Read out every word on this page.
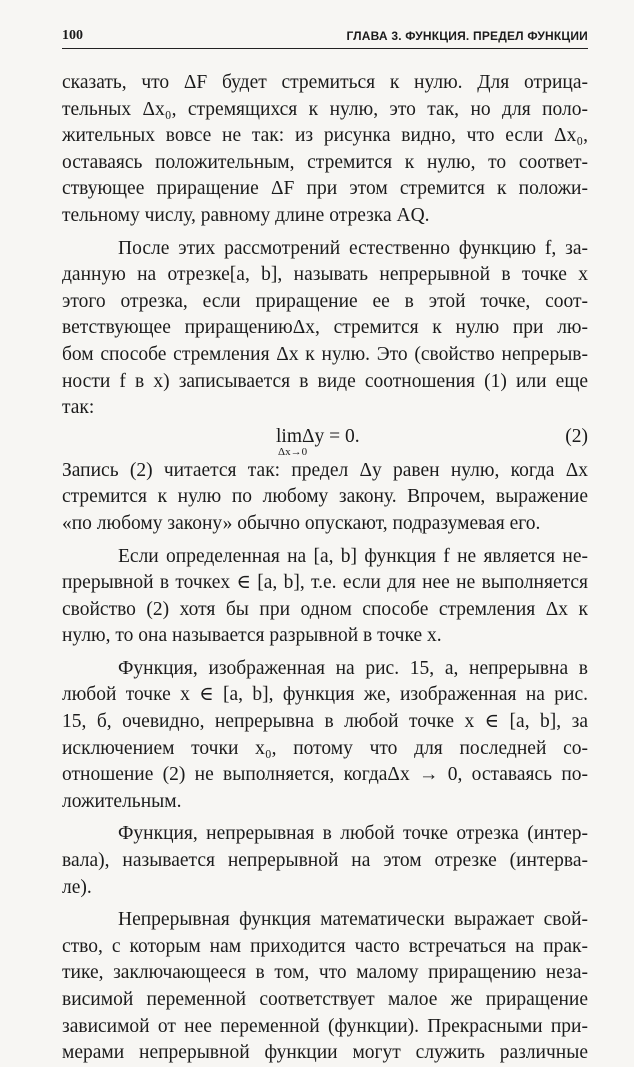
100	ГЛАВА 3. ФУНКЦИЯ. ПРЕДЕЛ ФУНКЦИИ
сказать, что ΔF будет стремиться к нулю. Для отрица-
тельных Δx₀, стремящихся к нулю, это так, но для поло-
жительных вовсе не так: из рисунка видно, что если Δx₀,
оставаясь положительным, стремится к нулю, то соответ-
ствующее приращение ΔF при этом стремится к положи-
тельному числу, равному длине отрезка AQ.
После этих рассмотрений естественно функцию f, за-
данную на отрезке[a, b], называть непрерывной в точке x
этого отрезка, если приращение ее в этой точке, соот-
ветствующее приращениюΔx, стремится к нулю при лю-
бом способе стремления Δx к нулю. Это (свойство непрерыв-
ности f в x) записывается в виде соотношения (1) или еще
так:
limΔy = 0.
Δx→0
(2)
Запись (2) читается так: предел Δy равен нулю, когда Δx
стремится к нулю по любому закону. Впрочем, выражение
«по любому закону» обычно опускают, подразумевая его.
Если определенная на [a, b] функция f не является не-
прерывной в точкеx ∈ [a, b], т.е. если для нее не выполняется
свойство (2) хотя бы при одном способе стремления Δx к
нулю, то она называется разрывной в точке x.
Функция, изображенная на рис. 15, а, непрерывна в
любой точке x ∈ [a, b], функция же, изображенная на рис.
15, б, очевидно, непрерывна в любой точке x ∈ [a, b], за
исключением точки x₀, потому что для последней со-
отношение (2) не выполняется, когдаΔx → 0, оставаясь по-
ложительным.
Функция, непрерывная в любой точке отрезка (интер-
вала), называется непрерывной на этом отрезке (интерва-
ле).
Непрерывная функция математически выражает свой-
ство, с которым нам приходится часто встречаться на прак-
тике, заключающееся в том, что малому приращению неза-
висимой переменной соответствует малое же приращение
зависимой от нее переменной (функции). Прекрасными при-
мерами непрерывной функции могут служить различные
